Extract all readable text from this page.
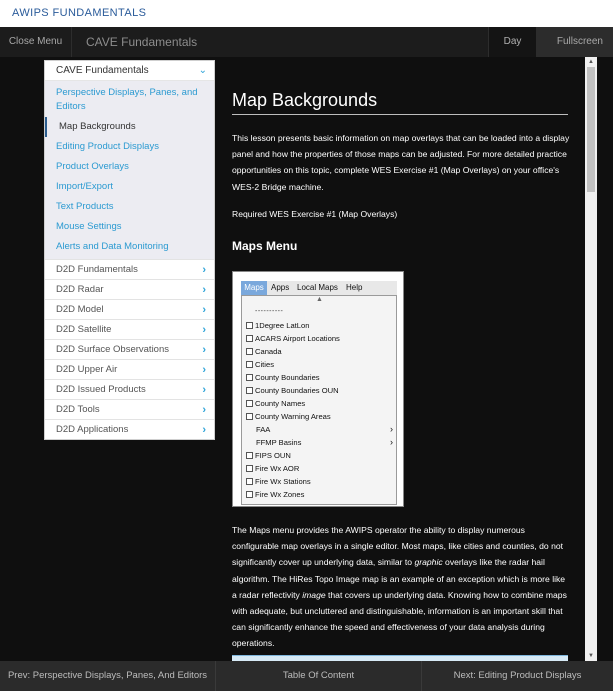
AWIPS FUNDAMENTALS
Close Menu	CAVE Fundamentals	Day	Fullscreen
CAVE Fundamentals	⌄
Perspective Displays, Panes, and Editors
Map Backgrounds
Editing Product Displays
Product Overlays
Import/Export
Text Products
Mouse Settings
Alerts and Data Monitoring
D2D Fundamentals	›
D2D Radar	›
D2D Model	›
D2D Satellite	›
D2D Surface Observations	›
D2D Upper Air	›
D2D Issued Products	›
D2D Tools	›
D2D Applications	›
Map Backgrounds
This lesson presents basic information on map overlays that can be loaded into a display panel and how the properties of those maps can be adjusted. For more detailed practice opportunities on this topic, complete WES Exercise #1 (Map Overlays) on your office's WES-2 Bridge machine.
Required WES Exercise #1 (Map Overlays)
Maps Menu
Maps Apps Local Maps Help
▲
----------
1Degree LatLon
ACARS Airport Locations
Canada
Cities
County Boundaries
County Boundaries OUN
County Names
County Warning Areas
FAA	›
FFMP Basins	›
FIPS OUN
Fire Wx AOR
Fire Wx Stations
Fire Wx Zones
The Maps menu provides the AWIPS operator the ability to display numerous configurable map overlays in a single editor. Most maps, like cities and counties, do not significantly cover up underlying data, similar to graphic overlays like the radar hail algorithm. The HiRes Topo Image map is an example of an exception which is more like a radar reflectivity image that covers up underlying data. Knowing how to combine maps with adequate, but uncluttered and distinguishable, information is an important skill that can significantly enhance the speed and effectiveness of your data analysis during operations.
▲
▼
Prev: Perspective Displays, Panes, And Editors	Table Of Content	Next: Editing Product Displays
